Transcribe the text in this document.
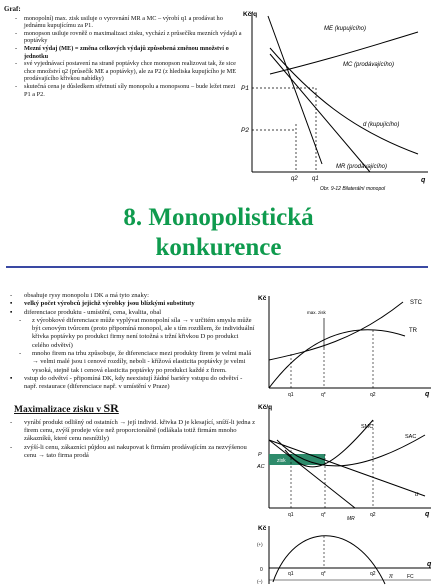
Graf:
- monopolní) max. zisk usiluje o vyrovnání MR a MC – výrobí q1 a prodávat ho jednámu kupujícímu za P1.
- monopson usiluje rovněž o maximalizaci zisku, vychází z průsečíku mezních výdajů a poptávky
- Mezní výdaj (ME) = změna celkových výdajů způsobená změnou množství o jednotku
- své vyjednávací postavení na straně poptávky chce monopson realizovat tak, že sice chce množství q2 (průsečík ME a poptávky), ale za P2 (z hlediska kupujícího je ME prodávajícího křivkou nabídky)
- skutečná cena je důsledkem střetnutí síly monopolu a monopsonu – bude ležet mezi P1 a P2.
Kč/q
q
P1
P2
q2 q1
ME (kupujícího)
MC (prodávajícího)
d (kupujícího)
MR (prodávajícího)
Obr. 9-12 Bilaterální monopol
8. Monopolistická
konkurence
- obsahuje rysy monopolu i DK a má tyto znaky:
▪ velký počet výrobců jejichž výrobky jsou blízkými substituty
▪ diferenciace produktu - umístění, cena, kvalita, obal
- z výrobkové diferenciace může vyplývat monopolní síla → v určitém smyslu může být cenovým tvůrcem (proto připomíná monopol, ale s tím rozdílem, že individuální křivka poptávky po produkci firmy není totožná s tržní křivkou D po produkci celého odvětví)
- mnoho firem na trhu způsobuje, že diferenciace mezi produkty firem je velmi malá → velmi malé jsou i cenové rozdíly, neboli - křížová elasticita poptávky je velmi vysoká, stejně tak i cenová elasticita poptávky po produkci každé z firem.
▪ vstup do odvětví - připomíná DK, kdy neexistují žádné bariéry vstupu do odvětví - např. restaurace (diferenciace např. v umístění v Praze)
Maximalizace zisku v SR
- vyrábí produkt odlišný od ostatních → její individ. křivka D je klesající, sníží-li jedna z firem cenu, zvýší prodeje více než proporcionálně (odlákala totiž firmám mnoho zákazníků, které cenu nesnížily)
- zvýší-li cenu, zákazníci půjdou asi nakupovat k firmám prodávajícím za nezvýšenou cenu → tato firma prodá
Kč
q
STC
TR
max. zisk
q1	q*	q2
Kč/q
q
zisk
P
AC
SMC
SAC
d
MR
q1	q*	q2
Kč
q
(+)
0
(–)
π	FC
q1	q*	q2
